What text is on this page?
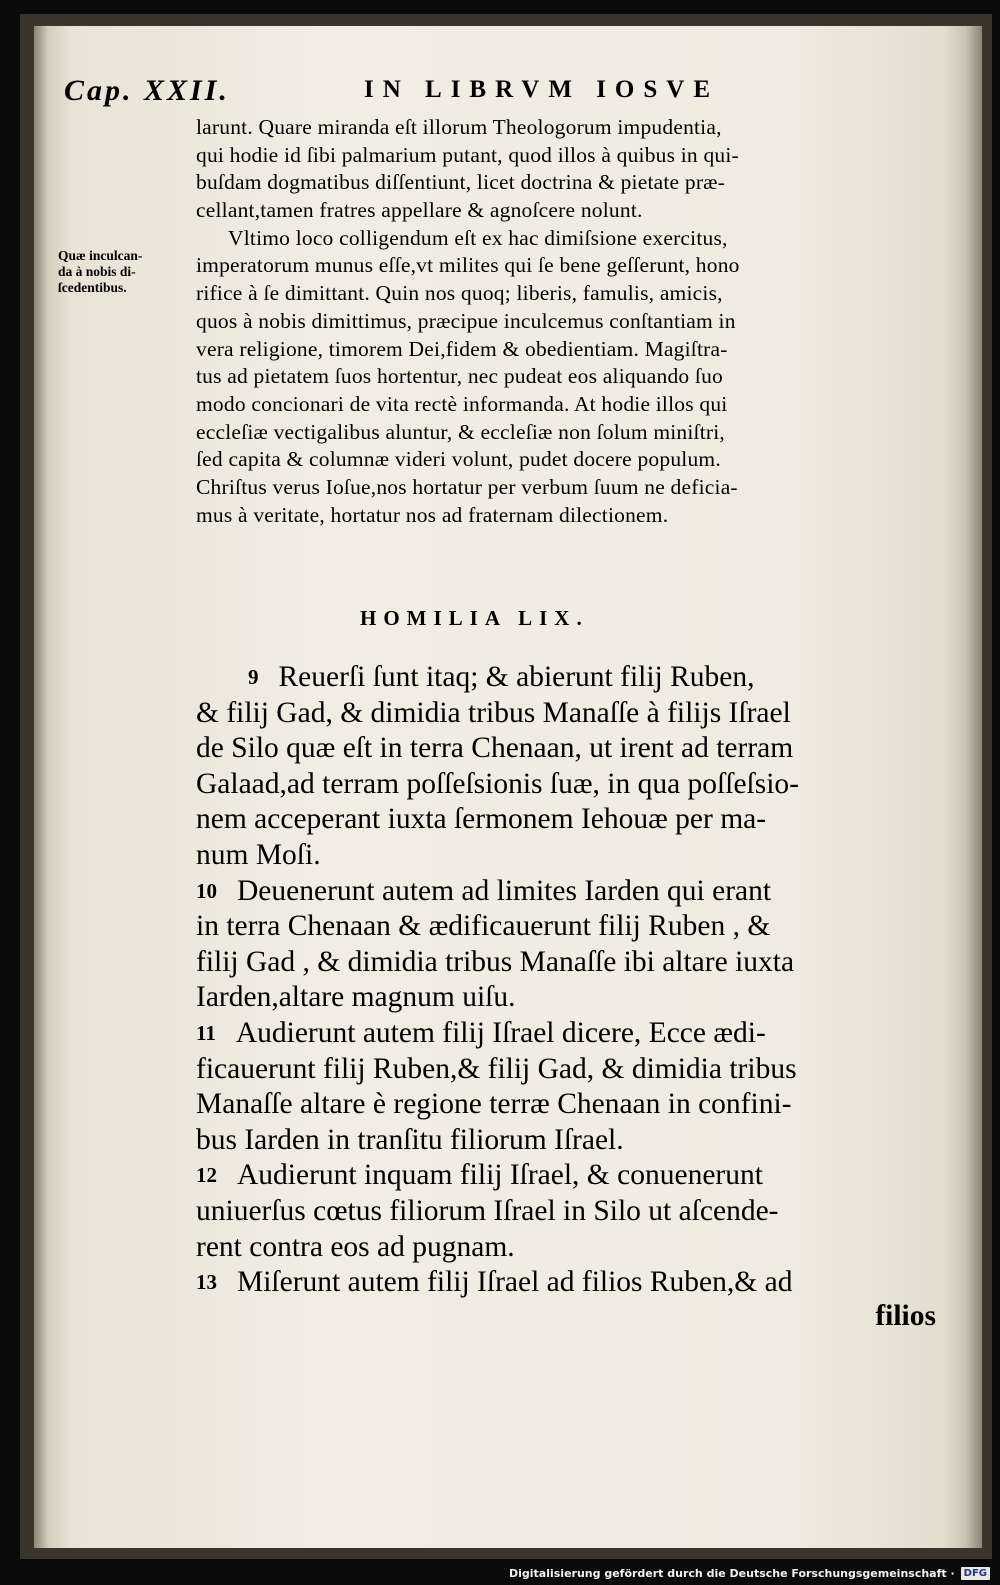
Cap. XXII.	IN LIBRVM IOSVE
larunt. Quare miranda eſt illorum Theologorum impudentia,
qui hodie id ſibi palmarium putant, quod illos à quibus in qui-
buſdam dogmatibus diſſentiunt, licet doctrina & pietate præ-
cellant,tamen fratres appellare & agnoſcere nolunt.
Vltimo loco colligendum eſt ex hac dimiſsione exercitus,
imperatorum munus eſſe,vt milites qui ſe bene geſſerunt, hono
rifice à ſe dimittant. Quin nos quoq; liberis, famulis, amicis,
quos à nobis dimittimus, præcipue inculcemus conſtantiam in
vera religione, timorem Dei,fidem & obedientiam. Magiſtra-
tus ad pietatem ſuos hortentur, nec pudeat eos aliquando ſuo
modo concionari de vita rectè informanda. At hodie illos qui
eccleſiæ vectigalibus aluntur, & eccleſiæ non ſolum miniſtri,
ſed capita & columnæ videri volunt, pudet docere populum.
Chriſtus verus Ioſue,nos hortatur per verbum ſuum ne deficia-
mus à veritate, hortatur nos ad fraternam dilectionem.
Quæ inculcan-
da à nobis di-
ſcedentibus.
HOMILIA LIX.
9 Reuerſi ſunt itaq; & abierunt filij Ruben,
& filij Gad, & dimidia tribus Manaſſe à filijs Iſrael
de Silo quæ eſt in terra Chenaan, ut irent ad terram
Galaad,ad terram poſſeſsionis ſuæ, in qua poſſeſsio-
nem acceperant iuxta ſermonem Iehouæ per ma-
num Moſi.
10 Deuenerunt autem ad limites Iarden qui erant
in terra Chenaan & ædificauerunt filij Ruben , &
filij Gad , & dimidia tribus Manaſſe ibi altare iuxta
Iarden,altare magnum uiſu.
11 Audierunt autem filij Iſrael dicere, Ecce ædi-
ficauerunt filij Ruben,& filij Gad, & dimidia tribus
Manaſſe altare è regione terræ Chenaan in confini-
bus Iarden in tranſitu filiorum Iſrael.
12 Audierunt inquam filij Iſrael, & conuenerunt
uniuerſus cœtus filiorum Iſrael in Silo ut aſcende-
rent contra eos ad pugnam.
13 Miſerunt autem filij Iſrael ad filios Ruben,& ad
filios
Digitalisierung gefördert durch die Deutsche Forschungsgemeinschaft · DFG
